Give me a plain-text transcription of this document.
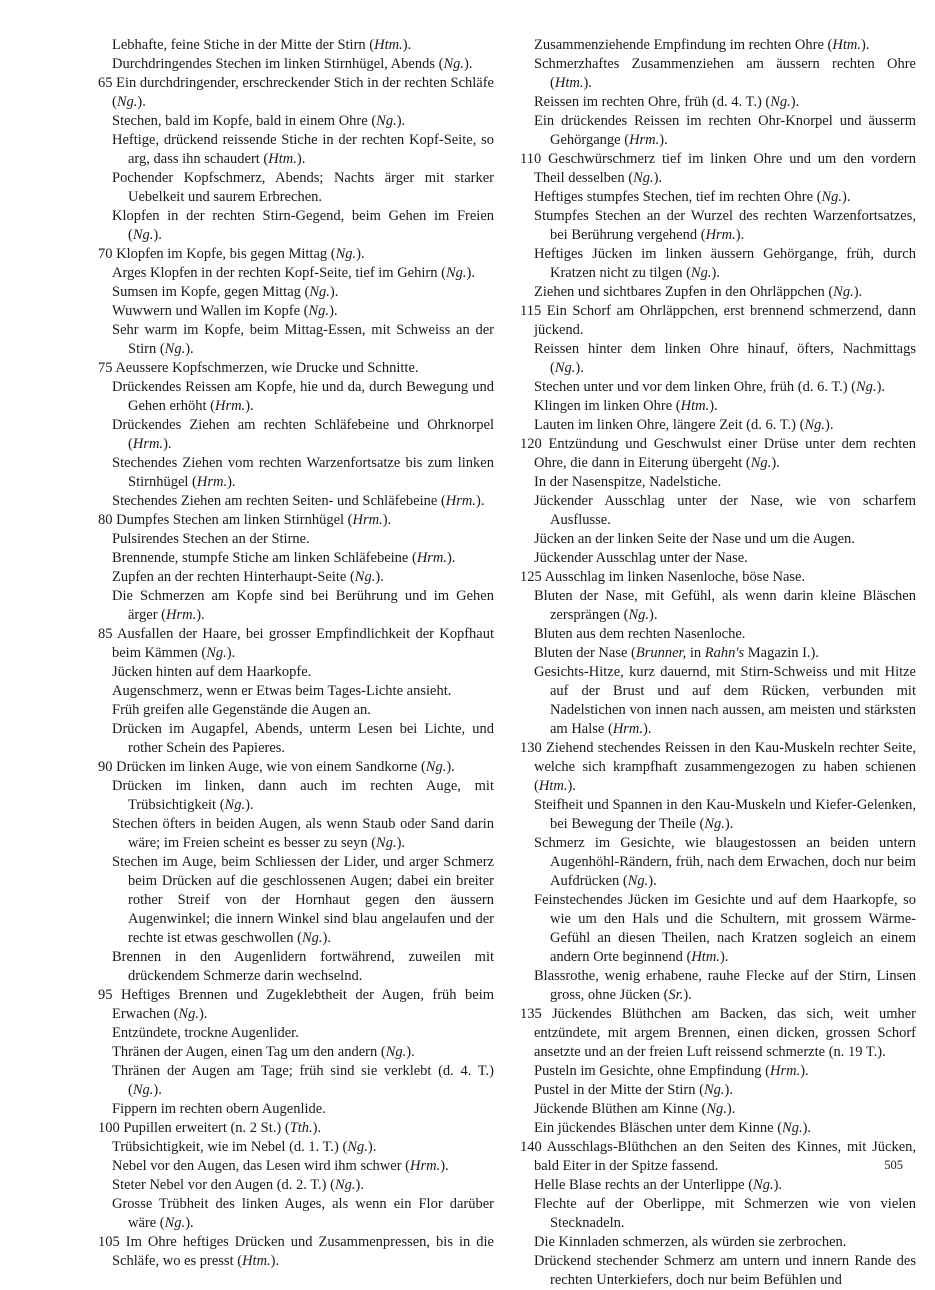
Lebhafte, feine Stiche in der Mitte der Stirn (Htm.).
Durchdringendes Stechen im linken Stirnhügel, Abends (Ng.).
65 Ein durchdringender, erschreckender Stich in der rechten Schläfe (Ng.).
Stechen, bald im Kopfe, bald in einem Ohre (Ng.).
Heftige, drückend reissende Stiche in der rechten Kopf-Seite, so arg, dass ihn schaudert (Htm.).
Pochender Kopfschmerz, Abends; Nachts ärger mit starker Uebelkeit und saurem Erbrechen.
Klopfen in der rechten Stirn-Gegend, beim Gehen im Freien (Ng.).
70 Klopfen im Kopfe, bis gegen Mittag (Ng.).
Arges Klopfen in der rechten Kopf-Seite, tief im Gehirn (Ng.).
Sumsen im Kopfe, gegen Mittag (Ng.).
Wuwwern und Wallen im Kopfe (Ng.).
Sehr warm im Kopfe, beim Mittag-Essen, mit Schweiss an der Stirn (Ng.).
75 Aeussere Kopfschmerzen, wie Drucke und Schnitte.
Drückendes Reissen am Kopfe, hie und da, durch Bewegung und Gehen erhöht (Hrm.).
Drückendes Ziehen am rechten Schläfebeine und Ohrknorpel (Hrm.).
Stechendes Ziehen vom rechten Warzenfortsatze bis zum linken Stirnhügel (Hrm.).
Stechendes Ziehen am rechten Seiten- und Schläfebeine (Hrm.).
80 Dumpfes Stechen am linken Stirnhügel (Hrm.).
Pulsirendes Stechen an der Stirne.
Brennende, stumpfe Stiche am linken Schläfebeine (Hrm.).
Zupfen an der rechten Hinterhaupt-Seite (Ng.).
Die Schmerzen am Kopfe sind bei Berührung und im Gehen ärger (Hrm.).
85 Ausfallen der Haare, bei grosser Empfindlichkeit der Kopfhaut beim Kämmen (Ng.).
Jücken hinten auf dem Haarkopfe.
Augenschmerz, wenn er Etwas beim Tages-Lichte ansieht.
Früh greifen alle Gegenstände die Augen an.
Drücken im Augapfel, Abends, unterm Lesen bei Lichte, und rother Schein des Papieres.
90 Drücken im linken Auge, wie von einem Sandkorne (Ng.).
Drücken im linken, dann auch im rechten Auge, mit Trübsichtigkeit (Ng.).
Stechen öfters in beiden Augen, als wenn Staub oder Sand darin wäre; im Freien scheint es besser zu seyn (Ng.).
Stechen im Auge, beim Schliessen der Lider, und arger Schmerz beim Drücken auf die geschlossenen Augen; dabei ein breiter rother Streif von der Hornhaut gegen den äussern Augenwinkel; die innern Winkel sind blau angelaufen und der rechte ist etwas geschwollen (Ng.).
Brennen in den Augenlidern fortwährend, zuweilen mit drückendem Schmerze darin wechselnd.
95 Heftiges Brennen und Zugeklebtheit der Augen, früh beim Erwachen (Ng.).
Entzündete, trockne Augenlider.
Thränen der Augen, einen Tag um den andern (Ng.).
Thränen der Augen am Tage; früh sind sie verklebt (d. 4. T.) (Ng.).
Fippern im rechten obern Augenlide.
100 Pupillen erweitert (n. 2 St.) (Tth.).
Trübsichtigkeit, wie im Nebel (d. 1. T.) (Ng.).
Nebel vor den Augen, das Lesen wird ihm schwer (Hrm.).
Steter Nebel vor den Augen (d. 2. T.) (Ng.).
Grosse Trübheit des linken Auges, als wenn ein Flor darüber wäre (Ng.).
105 Im Ohre heftiges Drücken und Zusammenpressen, bis in die Schläfe, wo es presst (Htm.).
Zusammenziehende Empfindung im rechten Ohre (Htm.).
Schmerzhaftes Zusammenziehen am äussern rechten Ohre (Htm.).
Reissen im rechten Ohre, früh (d. 4. T.) (Ng.).
Ein drückendes Reissen im rechten Ohr-Knorpel und äusserm Gehörgange (Hrm.).
110 Geschwürschmerz tief im linken Ohre und um den vordern Theil desselben (Ng.).
Heftiges stumpfes Stechen, tief im rechten Ohre (Ng.).
Stumpfes Stechen an der Wurzel des rechten Warzenfortsatzes, bei Berührung vergehend (Hrm.).
Heftiges Jücken im linken äussern Gehörgange, früh, durch Kratzen nicht zu tilgen (Ng.).
Ziehen und sichtbares Zupfen in den Ohrläppchen (Ng.).
115 Ein Schorf am Ohrläppchen, erst brennend schmerzend, dann jückend.
Reissen hinter dem linken Ohre hinauf, öfters, Nachmittags (Ng.).
Stechen unter und vor dem linken Ohre, früh (d. 6. T.) (Ng.).
Klingen im linken Ohre (Htm.).
Lauten im linken Ohre, längere Zeit (d. 6. T.) (Ng.).
120 Entzündung und Geschwulst einer Drüse unter dem rechten Ohre, die dann in Eiterung übergeht (Ng.).
In der Nasenspitze, Nadelstiche.
Jückender Ausschlag unter der Nase, wie von scharfem Ausflusse.
Jücken an der linken Seite der Nase und um die Augen.
Jückender Ausschlag unter der Nase.
125 Ausschlag im linken Nasenloche, böse Nase.
Bluten der Nase, mit Gefühl, als wenn darin kleine Bläschen zersprängen (Ng.).
Bluten aus dem rechten Nasenloche.
Bluten der Nase (Brunner, in Rahn's Magazin I.).
Gesichts-Hitze, kurz dauernd, mit Stirn-Schweiss und mit Hitze auf der Brust und auf dem Rücken, verbunden mit Nadelstichen von innen nach aussen, am meisten und stärksten am Halse (Hrm.).
130 Ziehend stechendes Reissen in den Kau-Muskeln rechter Seite, welche sich krampfhaft zusammengezogen zu haben schienen (Htm.).
Steifheit und Spannen in den Kau-Muskeln und Kiefer-Gelenken, bei Bewegung der Theile (Ng.).
Schmerz im Gesichte, wie blaugestossen an beiden untern Augenhöhl-Rändern, früh, nach dem Erwachen, doch nur beim Aufdrücken (Ng.).
Feinstechendes Jücken im Gesichte und auf dem Haarkopfe, so wie um den Hals und die Schultern, mit grossem Wärme-Gefühl an diesen Theilen, nach Kratzen sogleich an einem andern Orte beginnend (Htm.).
Blassrothe, wenig erhabene, rauhe Flecke auf der Stirn, Linsen gross, ohne Jücken (Sr.).
135 Jückendes Blüthchen am Backen, das sich, weit umher entzündete, mit argem Brennen, einen dicken, grossen Schorf ansetzte und an der freien Luft reissend schmerzte (n. 19 T.).
Pusteln im Gesichte, ohne Empfindung (Hrm.).
Pustel in der Mitte der Stirn (Ng.).
Jückende Blüthen am Kinne (Ng.).
Ein jückendes Bläschen unter dem Kinne (Ng.).
140 Ausschlags-Blüthchen an den Seiten des Kinnes, mit Jücken, bald Eiter in der Spitze fassend.
Helle Blase rechts an der Unterlippe (Ng.).
Flechte auf der Oberlippe, mit Schmerzen wie von vielen Stecknadeln.
Die Kinnladen schmerzen, als würden sie zerbrochen.
Drückend stechender Schmerz am untern und innern Rande des rechten Unterkiefers, doch nur beim Befühlen und
505
